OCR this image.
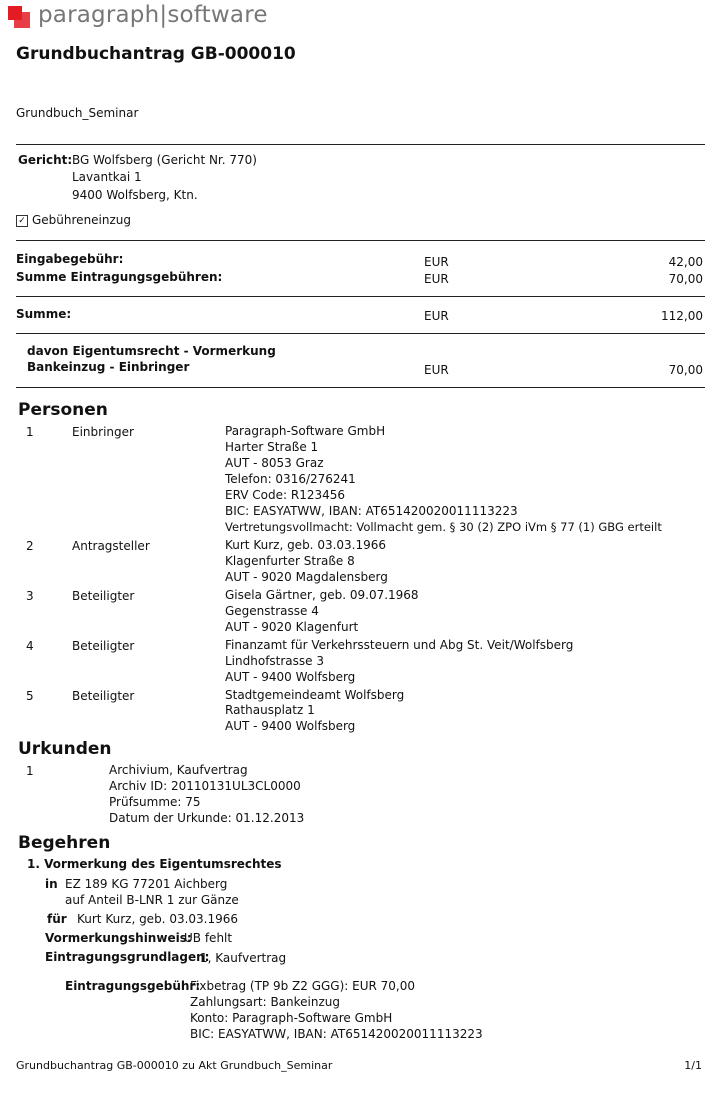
paragraph|software
Grundbuchantrag GB-000010
Grundbuch_Seminar
Gericht: BG Wolfsberg (Gericht Nr. 770)
Lavantkai 1
9400 Wolfsberg, Ktn.
✓ Gebühreneinzug
Eingabegebühr:	EUR	42,00
Summe Eintragungsgebühren:	EUR	70,00
Summe:	EUR	112,00
davon Eigentumsrecht - Vormerkung
Bankeinzug - Einbringer	EUR	70,00
Personen
1	Einbringer	Paragraph-Software GmbH
Harter Straße 1
AUT - 8053 Graz
Telefon: 0316/276241
ERV Code: R123456
BIC: EASYATWW, IBAN: AT651420020011113223
Vertretungsvollmacht: Vollmacht gem. § 30 (2) ZPO iVm § 77 (1) GBG erteilt
2	Antragsteller	Kurt Kurz, geb. 03.03.1966
Klagenfurter Straße 8
AUT - 9020 Magdalensberg
3	Beteiligter	Gisela Gärtner, geb. 09.07.1968
Gegenstrasse 4
AUT - 9020 Klagenfurt
4	Beteiligter	Finanzamt für Verkehrssteuern und Abg St. Veit/Wolfsberg
Lindhofstrasse 3
AUT - 9400 Wolfsberg
5	Beteiligter	Stadtgemeindeamt Wolfsberg
Rathausplatz 1
AUT - 9400 Wolfsberg
Urkunden
1	Archivium, Kaufvertrag
Archiv ID: 20110131UL3CL0000
Prüfsumme: 75
Datum der Urkunde: 01.12.2013
Begehren
1. Vormerkung des Eigentumsrechtes
in EZ 189 KG 77201 Aichberg
auf Anteil B-LNR 1 zur Gänze
für Kurt Kurz, geb. 03.03.1966
Vormerkungshinweis:
UB fehlt
Eintragungsgrundlagen:
1, Kaufvertrag
Eintragungsgebühr:
Fixbetrag (TP 9b Z2 GGG): EUR 70,00
Zahlungsart: Bankeinzug
Konto: Paragraph-Software GmbH
BIC: EASYATWW, IBAN: AT651420020011113223
Grundbuchantrag GB-000010 zu Akt Grundbuch_Seminar	1/1
